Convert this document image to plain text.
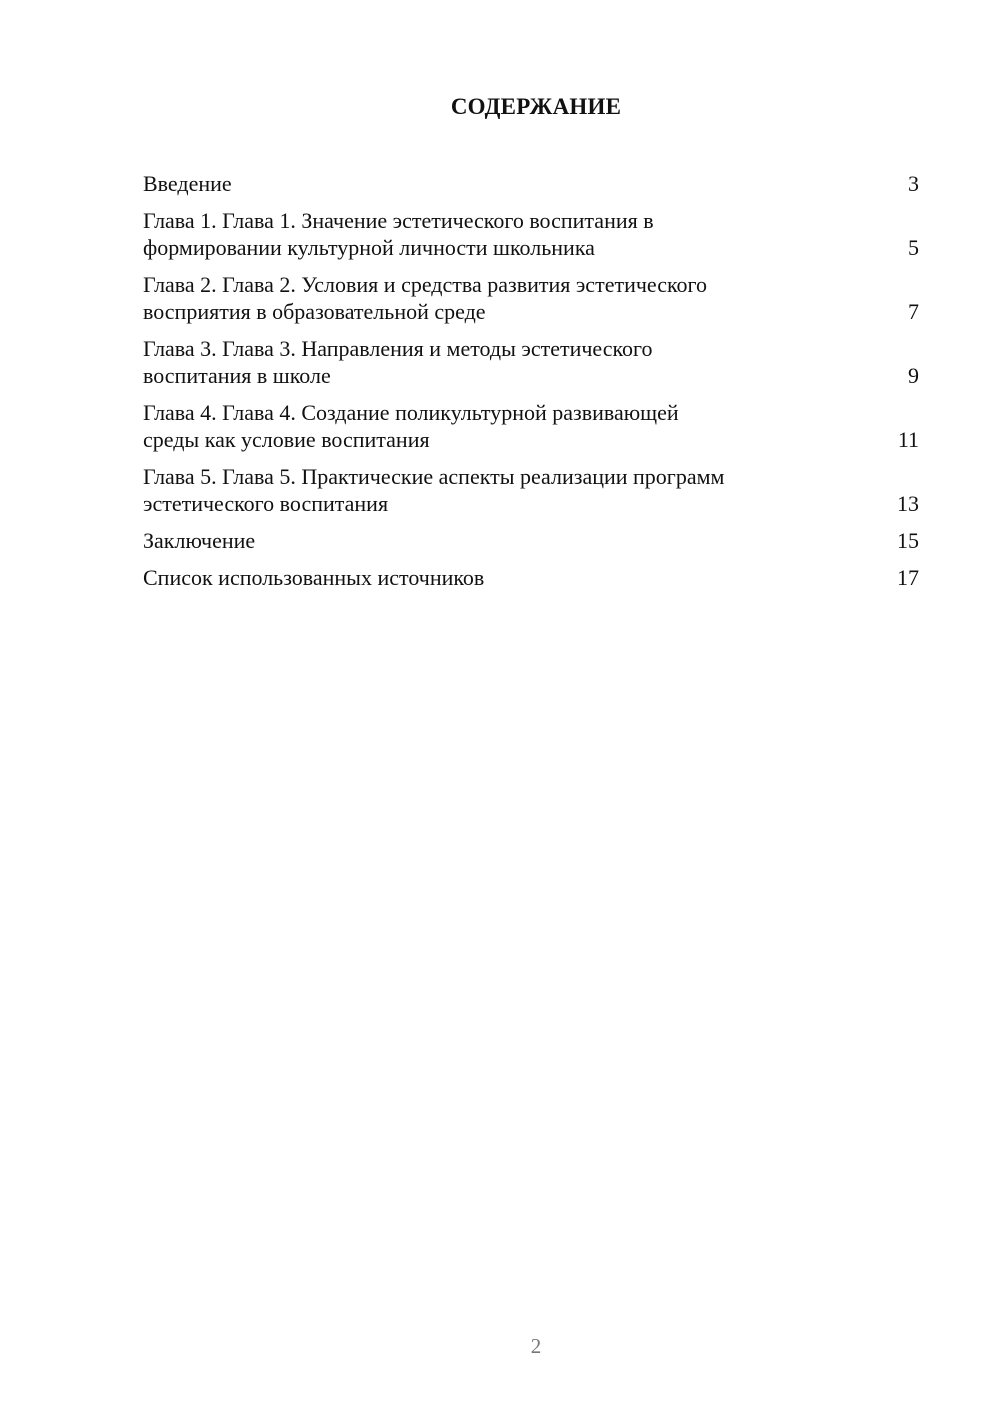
СОДЕРЖАНИЕ
Введение	3
Глава 1. Глава 1. Значение эстетического воспитания в
формировании культурной личности школьника	5
Глава 2. Глава 2. Условия и средства развития эстетического
восприятия в образовательной среде	7
Глава 3. Глава 3. Направления и методы эстетического
воспитания в школе	9
Глава 4. Глава 4. Создание поликультурной развивающей
среды как условие воспитания	11
Глава 5. Глава 5. Практические аспекты реализации программ
эстетического воспитания	13
Заключение	15
Список использованных источников	17
2
